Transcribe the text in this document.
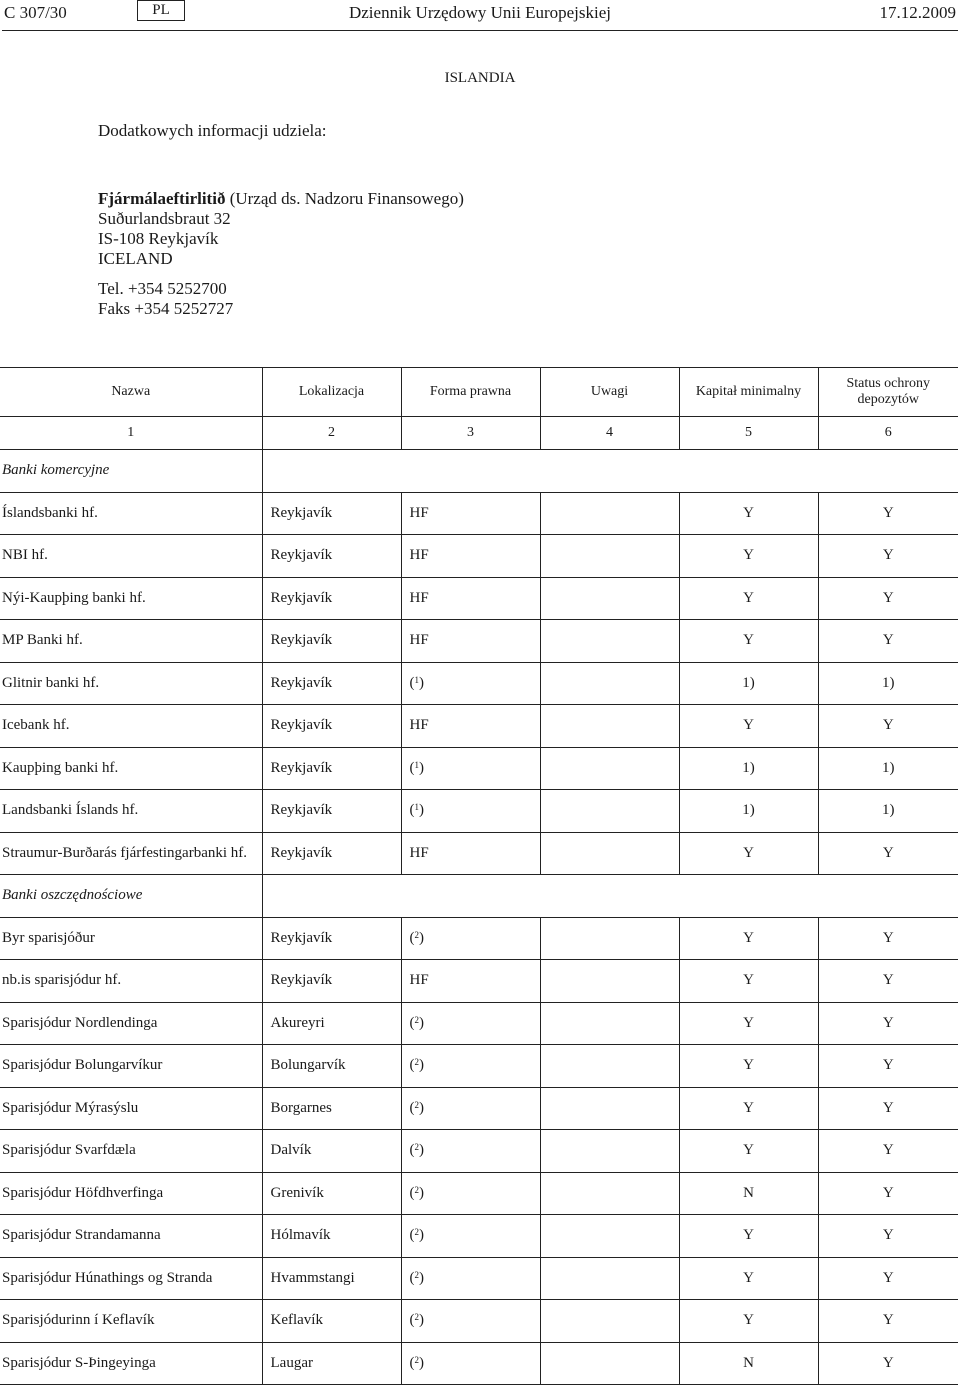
C 307/30	PL	Dziennik Urzędowy Unii Europejskiej	17.12.2009
ISLANDIA
Dodatkowych informacji udziela:
Fjármálaeftirlitið (Urząd ds. Nadzoru Finansowego)
Suðurlandsbraut 32
IS-108 Reykjavík
ICELAND
Tel. +354 5252700
Faks +354 5252727
Nazwa	Lokalizacja	Forma prawna	Uwagi	Kapitał minimalny	Status ochrony depozytów
1	2	3	4	5	6
Banki komercyjne					
Íslandsbanki hf.	Reykjavík	HF		Y	Y
NBI hf.	Reykjavík	HF		Y	Y
Nýi-Kaupþing banki hf.	Reykjavík	HF		Y	Y
MP Banki hf.	Reykjavík	HF		Y	Y
Glitnir banki hf.	Reykjavík	($^1$)		1)	1)
Icebank hf.	Reykjavík	HF		Y	Y
Kaupþing banki hf.	Reykjavík	($^1$)		1)	1)
Landsbanki Íslands hf.	Reykjavík	($^1$)		1)	1)
Straumur-Burðarás fjárfestingarbanki hf.	Reykjavík	HF		Y	Y
Banki oszczędnościowe					
Byr sparisjóður	Reykjavík	($^2$)		Y	Y
nb.is sparisjódur hf.	Reykjavík	HF		Y	Y
Sparisjódur Nordlendinga	Akureyri	($^2$)		Y	Y
Sparisjódur Bolungarvíkur	Bolungarvík	($^2$)		Y	Y
Sparisjódur Mýrasýslu	Borgarnes	($^2$)		Y	Y
Sparisjódur Svarfdæla	Dalvík	($^2$)		Y	Y
Sparisjódur Höfdhverfinga	Grenivík	($^2$)		N	Y
Sparisjódur Strandamanna	Hólmavík	($^2$)		Y	Y
Sparisjódur Húnathings og Stranda	Hvammstangi	($^2$)		Y	Y
Sparisjódurinn í Keflavík	Keflavík	($^2$)		Y	Y
Sparisjódur S-Þingeyinga	Laugar	($^2$)		N	Y
